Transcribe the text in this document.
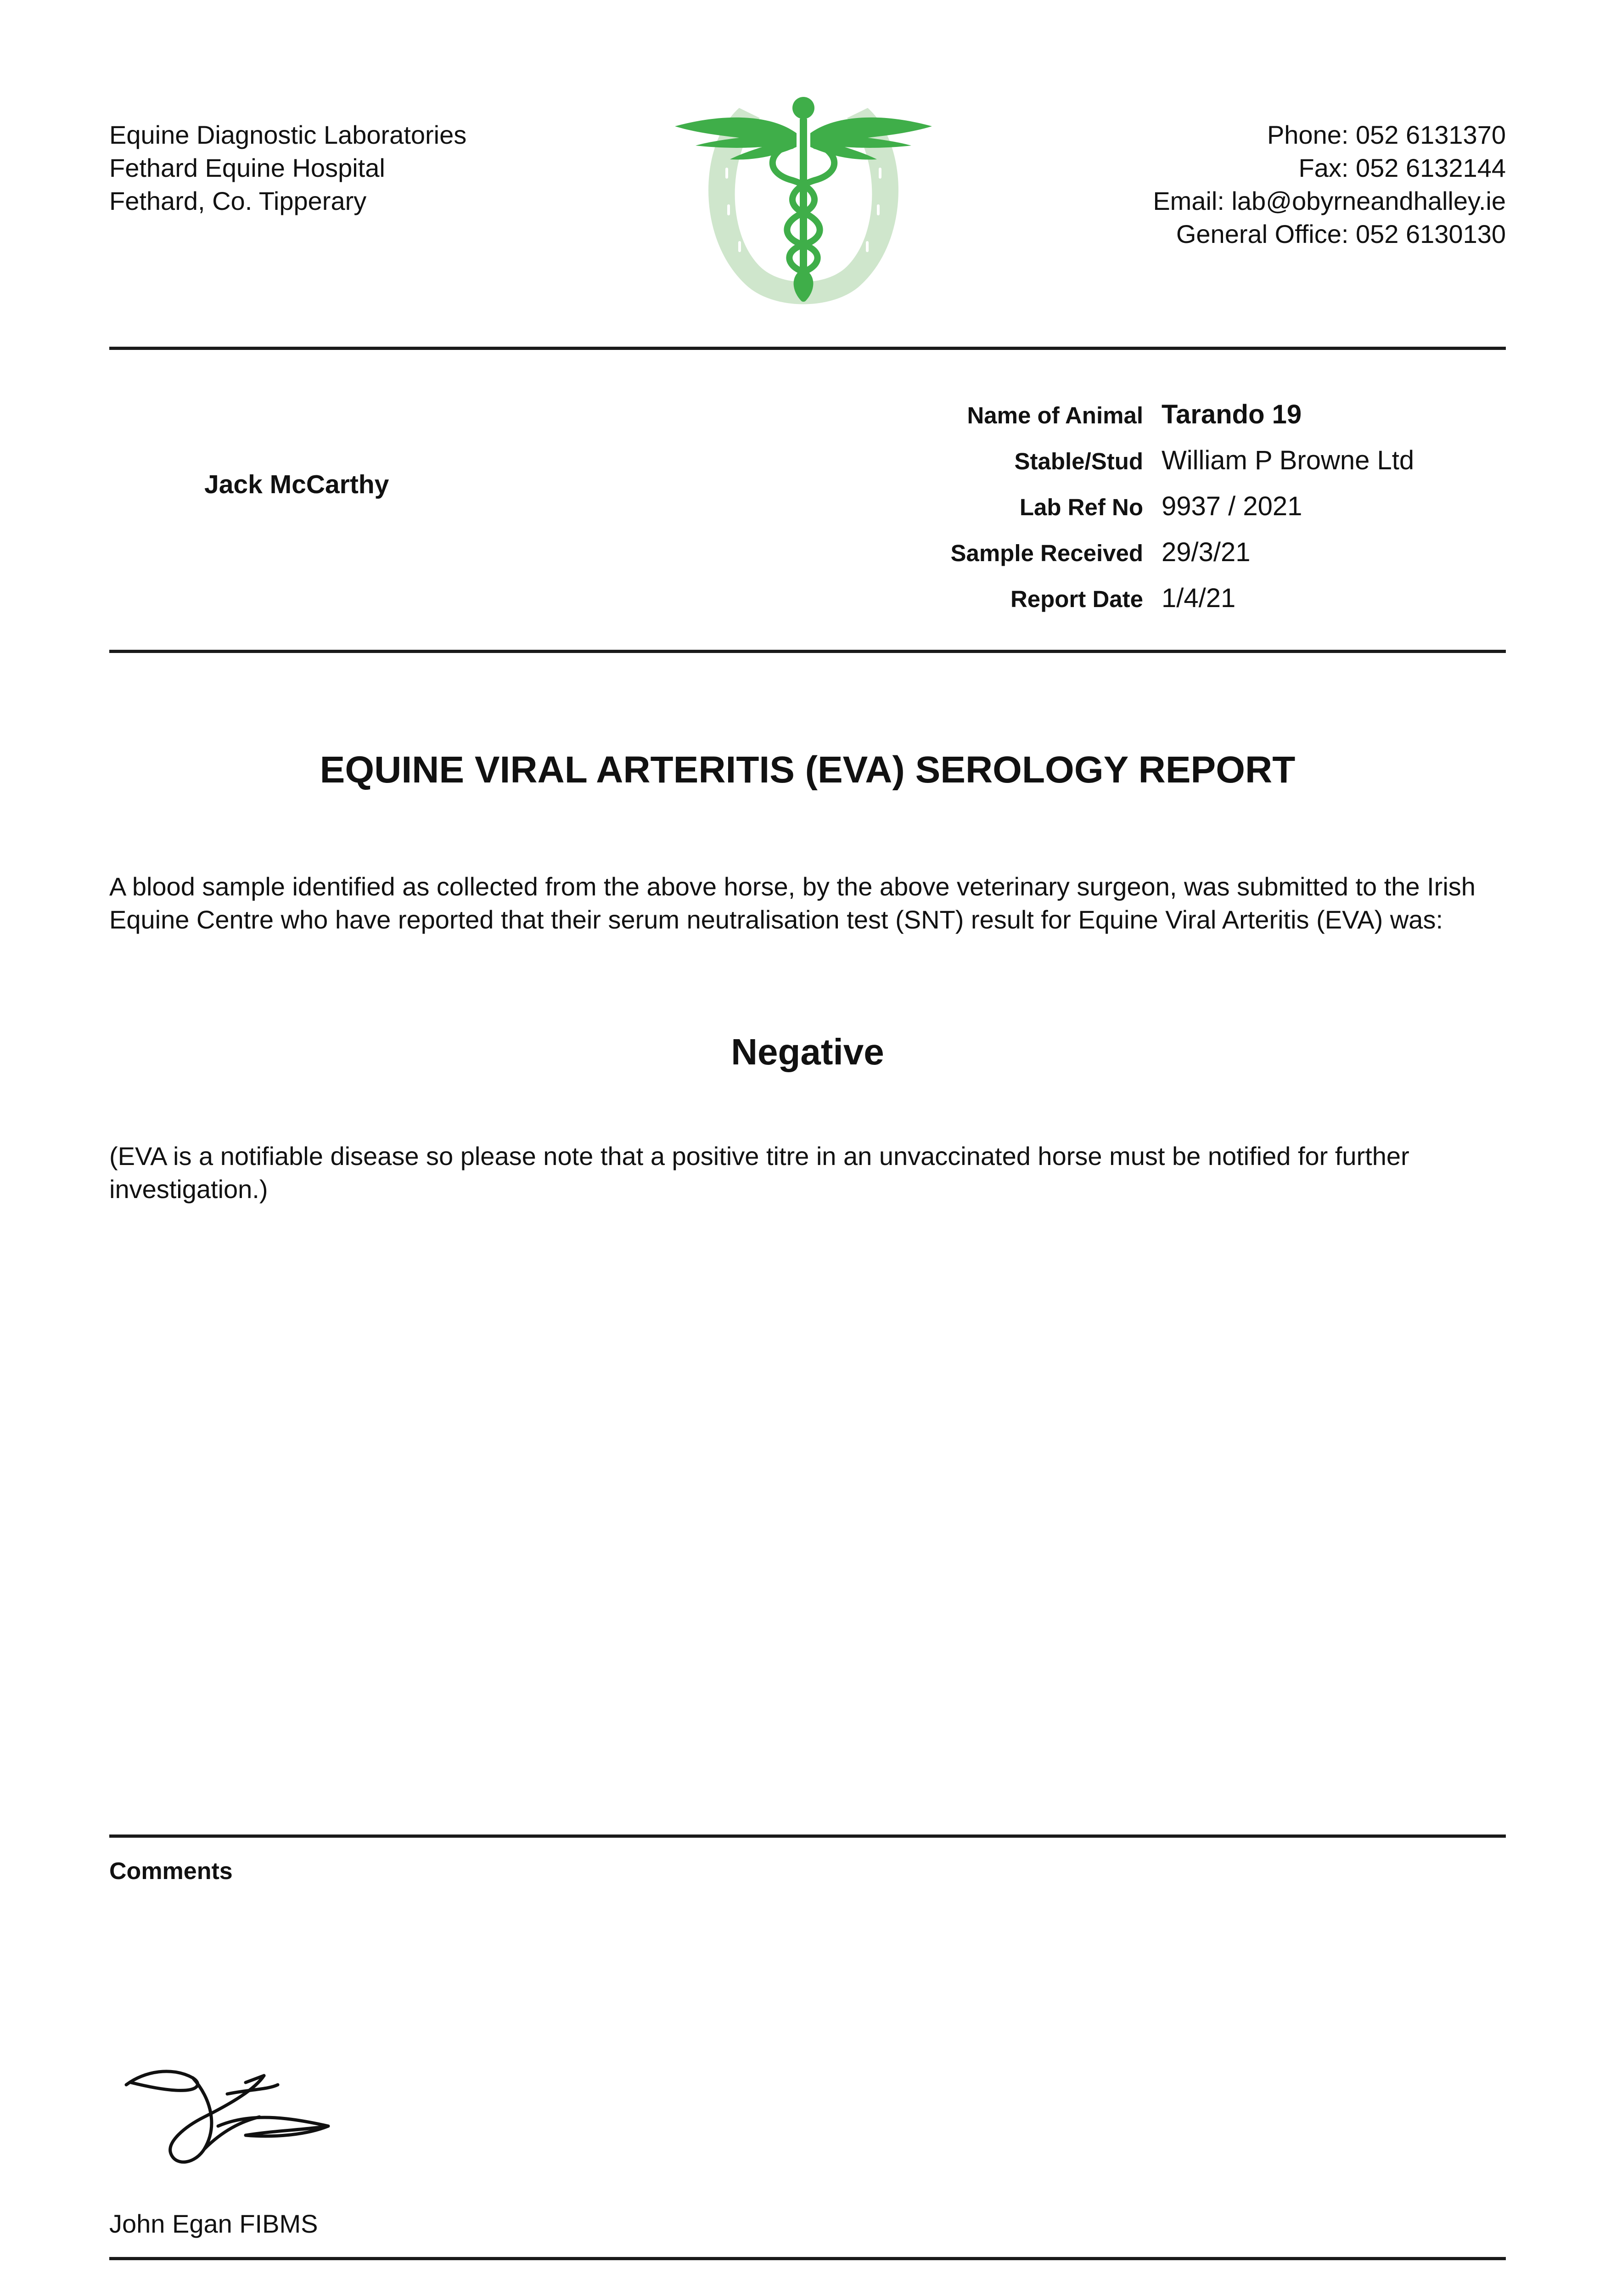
Equine Diagnostic Laboratories
Fethard Equine Hospital
Fethard, Co. Tipperary
Phone: 052 6131370
Fax: 052 6132144
Email: lab@obyrneandhalley.ie
General Office: 052 6130130
Jack McCarthy
Name of Animal Tarando 19
Stable/Stud William P Browne Ltd
Lab Ref No 9937 / 2021
Sample Received 29/3/21
Report Date 1/4/21
EQUINE VIRAL ARTERITIS (EVA) SEROLOGY REPORT
A blood sample identified as collected from the above horse, by the above veterinary surgeon, was submitted to the Irish Equine Centre who have reported that their serum neutralisation test (SNT) result for Equine Viral Arteritis (EVA) was:
Negative
(EVA is a notifiable disease so please note that a positive titre in an unvaccinated horse must be notified for further investigation.)
Comments
John Egan FIBMS
